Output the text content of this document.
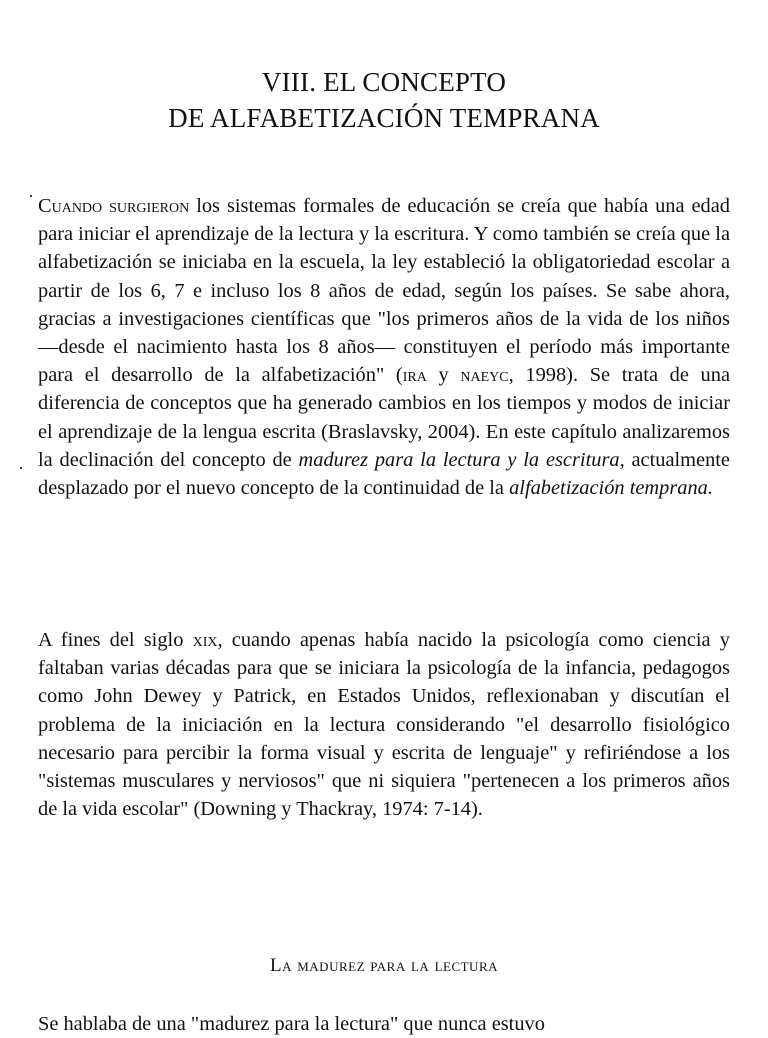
VIII. EL CONCEPTO
DE ALFABETIZACIÓN TEMPRANA
·
·

Cuando surgieron los sistemas formales de educación se creía que había una edad para iniciar el aprendizaje de la lectura y la escritura. Y como también se creía que la alfabetización se iniciaba en la escuela, la ley estableció la obligatoriedad escolar a partir de los 6, 7 e incluso los 8 años de edad, según los países. Se sabe ahora, gracias a investigaciones científicas que "los primeros años de la vida de los niños —desde el nacimiento hasta los 8 años— constituyen el período más importante para el desarrollo de la alfabetización" (ira y naeyc, 1998). Se trata de una diferencia de conceptos que ha generado cambios en los tiempos y modos de iniciar el aprendizaje de la lengua escrita (Braslavsky, 2004). En este capítulo analizaremos la declinación del concepto de madurez para la lectura y la escritura, actualmente desplazado por el nuevo concepto de la continuidad de la alfabetización temprana.

A fines del siglo xix, cuando apenas había nacido la psicología como ciencia y faltaban varias décadas para que se iniciara la psicología de la infancia, pedagogos como John Dewey y Patrick, en Estados Unidos, reflexionaban y discutían el problema de la iniciación en la lectura considerando "el desarrollo fisiológico necesario para percibir la forma visual y escrita de lenguaje" y refiriéndose a los "sistemas musculares y nerviosos" que ni siquiera "pertenecen a los primeros años de la vida escolar" (Downing y Thackray, 1974: 7-14).

La madurez para la lectura
Se hablaba de una "madurez para la lectura" que nunca estuvo
